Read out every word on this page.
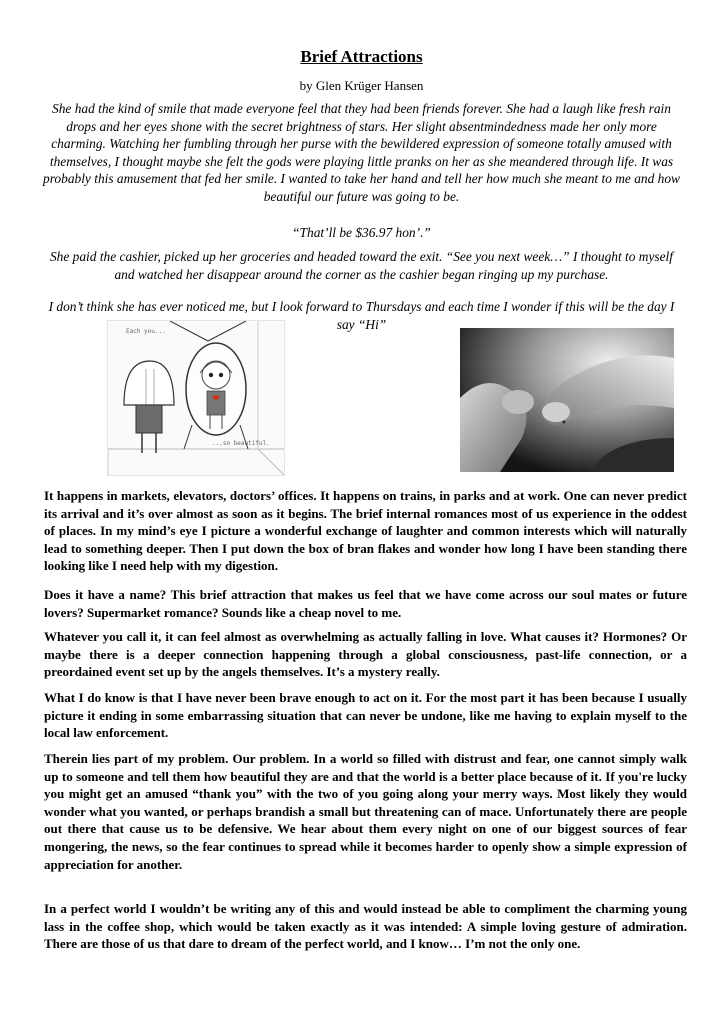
Brief Attractions

by Glen Krüger Hansen

She had the kind of smile that made everyone feel that they had been friends forever. She had a laugh like fresh rain drops and her eyes shone with the secret brightness of stars. Her slight absentmindedness made her only more charming. Watching her fumbling through her purse with the bewildered expression of someone totally amused with themselves, I thought maybe she felt the gods were playing little pranks on her as she meandered through life. It was probably this amusement that fed her smile. I wanted to take her hand and tell her how much she meant to me and how beautiful our future was going to be.

“That’ll be $36.97 hon’.”

She paid the cashier, picked up her groceries and headed toward the exit. “See you next week…” I thought to myself and watched her disappear around the corner as the cashier began ringing up my purchase.

I don’t think she has ever noticed me, but I look forward to Thursdays and each time I wonder if this will be the day I say “Hi”

Each you...
...so beautiful.

It happens in markets, elevators, doctors’ offices. It happens on trains, in parks and at work. One can never predict its arrival and it’s over almost as soon as it begins. The brief internal romances most of us experience in the oddest of places. In my mind’s eye I picture a wonderful exchange of laughter and common interests which will naturally lead to something deeper. Then I put down the box of bran flakes and wonder how long I have been standing there looking like I need help with my digestion.

Does it have a name? This brief attraction that makes us feel that we have come across our soul mates or future lovers? Supermarket romance? Sounds like a cheap novel to me.

Whatever you call it, it can feel almost as overwhelming as actually falling in love. What causes it? Hormones? Or maybe there is a deeper connection happening through a global consciousness, past-life connection, or a preordained event set up by the angels themselves. It’s a mystery really.

What I do know is that I have never been brave enough to act on it. For the most part it has been because I usually picture it ending in some embarrassing situation that can never be undone, like me having to explain myself to the local law enforcement.

Therein lies part of my problem. Our problem. In a world so filled with distrust and fear, one cannot simply walk up to someone and tell them how beautiful they are and that the world is a better place because of it. If you're lucky you might get an amused “thank you” with the two of you going along your merry ways. Most likely they would wonder what you wanted, or perhaps brandish a small but threatening can of mace. Unfortunately there are people out there that cause us to be defensive. We hear about them every night on one of our biggest sources of fear mongering, the news, so the fear continues to spread while it becomes harder to openly show a simple expression of appreciation for another.

In a perfect world I wouldn’t be writing any of this and would instead be able to compliment the charming young lass in the coffee shop, which would be taken exactly as it was intended: A simple loving gesture of admiration. There are those of us that dare to dream of the perfect world, and I know… I’m not the only one.
